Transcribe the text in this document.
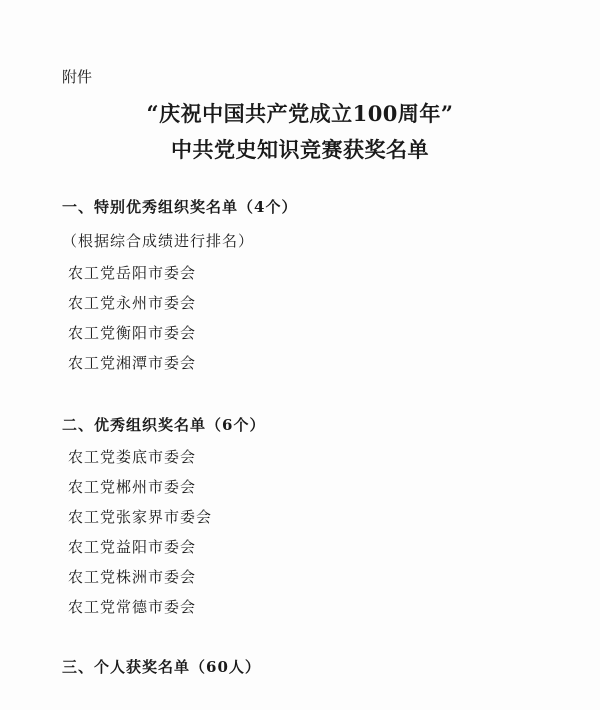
附件
“庆祝中国共产党成立100周年”
中共党史知识竞赛获奖名单
一、特别优秀组织奖名单（4个）
（根据综合成绩进行排名）
农工党岳阳市委会
农工党永州市委会
农工党衡阳市委会
农工党湘潭市委会
二、优秀组织奖名单（6个）
农工党娄底市委会
农工党郴州市委会
农工党张家界市委会
农工党益阳市委会
农工党株洲市委会
农工党常德市委会
三、个人获奖名单（60人）
